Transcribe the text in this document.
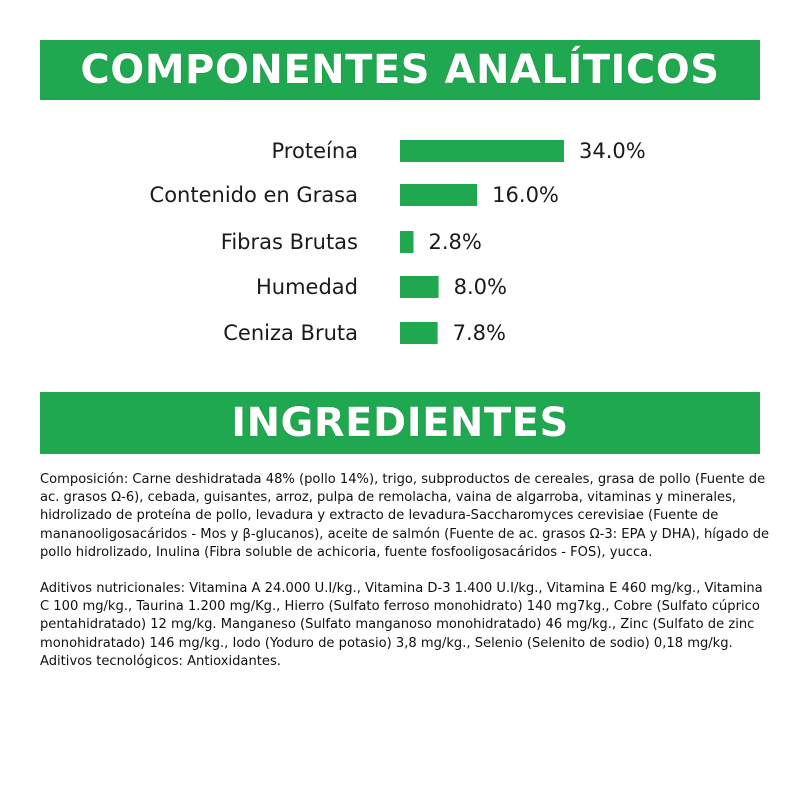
COMPONENTES ANALÍTICOS
Proteína	34.0%
Contenido en Grasa	16.0%
Fibras Brutas	2.8%
Humedad	8.0%
Ceniza Bruta	7.8%
INGREDIENTES

Composición: Carne deshidratada 48% (pollo 14%), trigo, subproductos de cereales, grasa de pollo (Fuente de ac. grasos Ω-6), cebada, guisantes, arroz, pulpa de remolacha, vaina de algarroba, vitaminas y minerales, hidrolizado de proteína de pollo, levadura y extracto de levadura-Saccharomyces cerevisiae (Fuente de mananooligosacáridos - Mos y β-glucanos), aceite de salmón (Fuente de ac. grasos Ω-3: EPA y DHA), hígado de pollo hidrolizado, Inulina (Fibra soluble de achicoria, fuente fosfooligosacáridos - FOS), yucca.

Aditivos nutricionales: Vitamina A 24.000 U.I/kg., Vitamina D-3 1.400 U.I/kg., Vitamina E 460 mg/kg., Vitamina C 100 mg/kg., Taurina 1.200 mg/Kg., Hierro (Sulfato ferroso monohidrato) 140 mg7kg., Cobre (Sulfato cúprico pentahidratado) 12 mg/kg. Manganeso (Sulfato manganoso monohidratado) 46 mg/kg., Zinc (Sulfato de zinc monohidratado) 146 mg/kg., Iodo (Yoduro de potasio) 3,8 mg/kg., Selenio (Selenito de sodio) 0,18 mg/kg. Aditivos tecnológicos: Antioxidantes.
